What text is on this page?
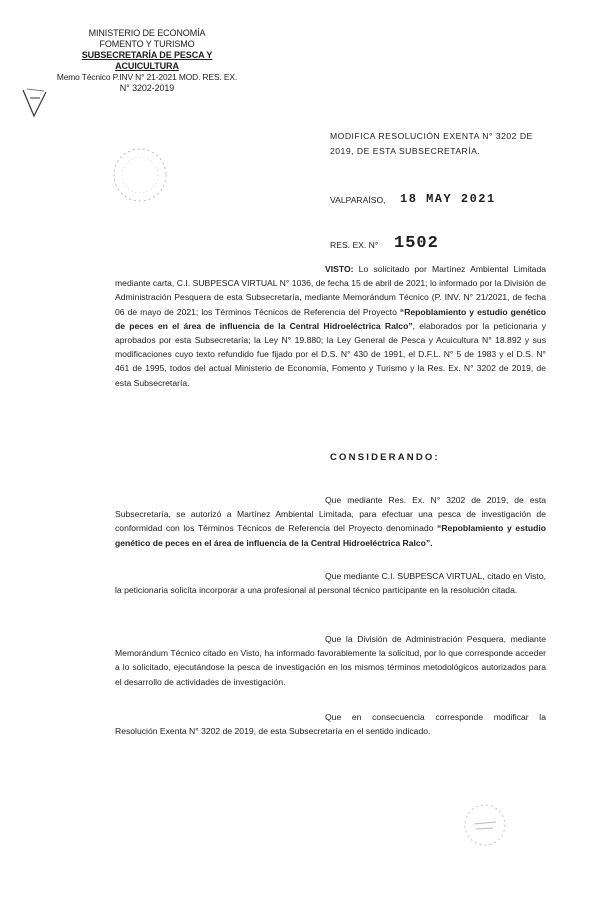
MINISTERIO DE ECONOMÍA
FOMENTO Y TURISMO
SUBSECRETARÍA DE PESCA Y ACUICULTURA
Memo Técnico P.INV N° 21-2021 MOD. RES. EX.
N° 3202-2019
MODIFICA RESOLUCIÓN EXENTA N° 3202 DE
2019, DE ESTA SUBSECRETARÍA.
VALPARAÍSO, 18 MAY 2021
RES. EX. N° 1502
VISTO: Lo solicitado por Martínez Ambiental Limitada mediante carta, C.I. SUBPESCA VIRTUAL N° 1036, de fecha 15 de abril de 2021; lo informado por la División de Administración Pesquera de esta Subsecretaría, mediante Memorándum Técnico (P. INV. N° 21/2021, de fecha 06 de mayo de 2021; los Términos Técnicos de Referencia del Proyecto “Repoblamiento y estudio genético de peces en el área de influencia de la Central Hidroeléctrica Ralco”, elaborados por la peticionaria y aprobados por esta Subsecretaría; la Ley N° 19.880; la Ley General de Pesca y Acuicultura N° 18.892 y sus modificaciones cuyo texto refundido fue fijado por el D.S. N° 430 de 1991, el D.F.L. N° 5 de 1983 y el D.S. N° 461 de 1995, todos del actual Ministerio de Economía, Fomento y Turismo y la Res. Ex. N° 3202 de 2019, de esta Subsecretaría.
CONSIDERANDO:
Que mediante Res. Ex. N° 3202 de 2019, de esta Subsecretaría, se autorizó a Martínez Ambiental Limitada, para efectuar una pesca de investigación de conformidad con los Términos Técnicos de Referencia del Proyecto denominado “Repoblamiento y estudio genético de peces en el área de influencia de la Central Hidroeléctrica Ralco”.
Que mediante C.I. SUBPESCA VIRTUAL, citado en Visto, la peticionaria solicita incorporar a una profesional al personal técnico participante en la resolución citada.
Que la División de Administración Pesquera, mediante Memorándum Técnico citado en Visto, ha informado favorablemente la solicitud, por lo que corresponde acceder a lo solicitado, ejecutándose la pesca de investigación en los mismos términos metodológicos autorizados para el desarrollo de actividades de investigación.
Que en consecuencia corresponde modificar la Resolución Exenta N° 3202 de 2019, de esta Subsecretaría en el sentido indicado.
